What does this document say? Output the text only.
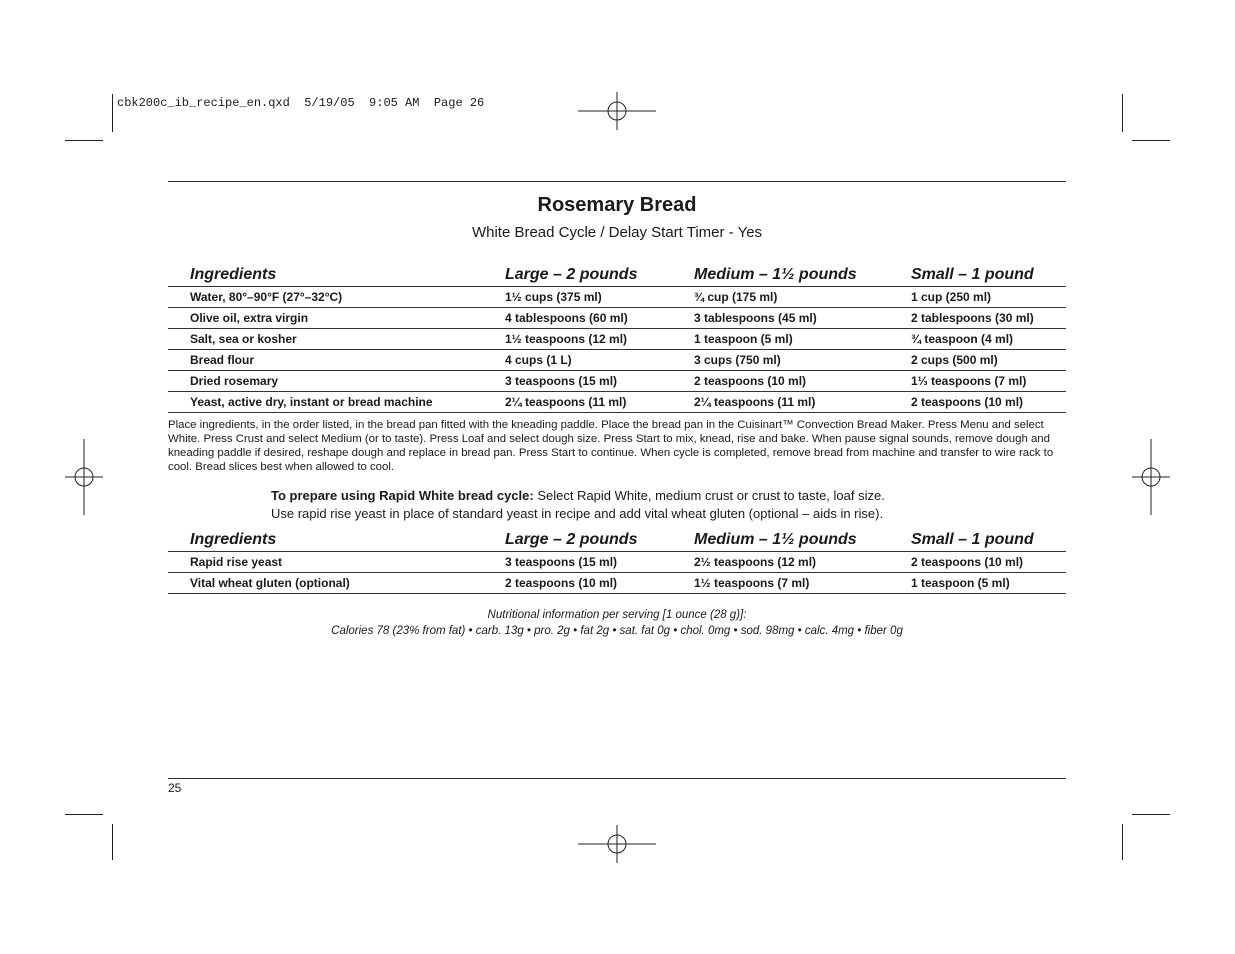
cbk200c_ib_recipe_en.qxd  5/19/05  9:05 AM  Page 26
Rosemary Bread
White Bread Cycle / Delay Start Timer - Yes
Ingredients	Large – 2 pounds	Medium – 1½ pounds	Small – 1 pound
Water, 80°–90°F (27°–32°C)	1½ cups (375 ml)	¾ cup (175 ml)	1 cup (250 ml)
Olive oil, extra virgin	4 tablespoons (60 ml)	3 tablespoons (45 ml)	2 tablespoons (30 ml)
Salt, sea or kosher	1½ teaspoons (12 ml)	1 teaspoon (5 ml)	¾ teaspoon (4 ml)
Bread flour	4 cups (1 L)	3 cups (750 ml)	2 cups (500 ml)
Dried rosemary	3 teaspoons (15 ml)	2 teaspoons (10 ml)	1⅓ teaspoons (7 ml)
Yeast, active dry, instant or bread machine	2¼ teaspoons (11 ml)	2¼ teaspoons (11 ml)	2 teaspoons (10 ml)
Place ingredients, in the order listed, in the bread pan fitted with the kneading paddle. Place the bread pan in the Cuisinart™ Convection Bread Maker. Press Menu and select White. Press Crust and select Medium (or to taste). Press Loaf and select dough size. Press Start to mix, knead, rise and bake. When pause signal sounds, remove dough and kneading paddle if desired, reshape dough and replace in bread pan. Press Start to continue. When cycle is completed, remove bread from machine and transfer to wire rack to cool. Bread slices best when allowed to cool.
To prepare using Rapid White bread cycle: Select Rapid White, medium crust or crust to taste, loaf size.
Use rapid rise yeast in place of standard yeast in recipe and add vital wheat gluten (optional – aids in rise).
Ingredients	Large – 2 pounds	Medium – 1½ pounds	Small – 1 pound
Rapid rise yeast	3 teaspoons (15 ml)	2½ teaspoons (12 ml)	2 teaspoons (10 ml)
Vital wheat gluten (optional)	2 teaspoons (10 ml)	1½ teaspoons (7 ml)	1 teaspoon (5 ml)
Nutritional information per serving [1 ounce (28 g)]:
Calories 78 (23% from fat) • carb. 13g • pro. 2g • fat 2g • sat. fat 0g • chol. 0mg • sod. 98mg • calc. 4mg • fiber 0g
25
